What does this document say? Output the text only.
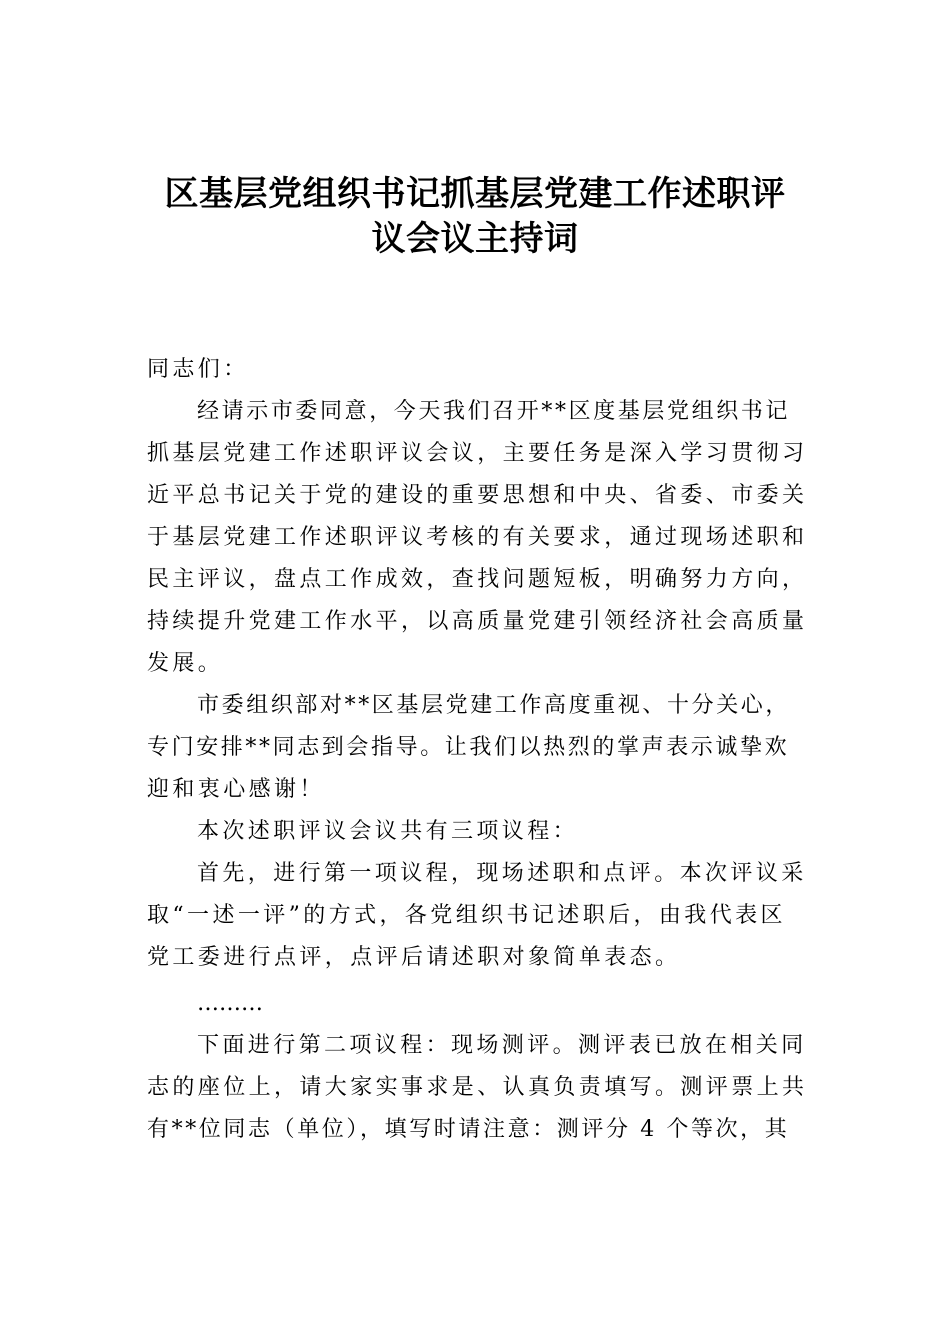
区基层党组织书记抓基层党建工作述职评
议会议主持词
同志们：
经请示市委同意，今天我们召开**区度基层党组织书记
抓基层党建工作述职评议会议，主要任务是深入学习贯彻习
近平总书记关于党的建设的重要思想和中央、省委、市委关
于基层党建工作述职评议考核的有关要求，通过现场述职和
民主评议，盘点工作成效，查找问题短板，明确努力方向，
持续提升党建工作水平，以高质量党建引领经济社会高质量
发展。
市委组织部对**区基层党建工作高度重视、十分关心，
专门安排**同志到会指导。让我们以热烈的掌声表示诚挚欢
迎和衷心感谢！
本次述职评议会议共有三项议程：
首先，进行第一项议程，现场述职和点评。本次评议采
取“一述一评”的方式，各党组织书记述职后，由我代表区
党工委进行点评，点评后请述职对象简单表态。
………
下面进行第二项议程：现场测评。测评表已放在相关同
志的座位上，请大家实事求是、认真负责填写。测评票上共
有**位同志（单位），填写时请注意：测评分 4 个等次，其
